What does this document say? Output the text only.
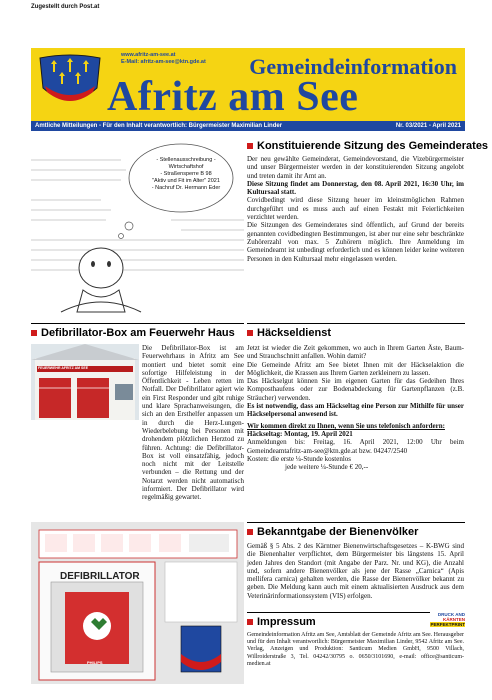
Zugestellt durch Post.at
www.afritz-am-see.at
E-Mail: afritz-am-see@ktn.gde.at Gemeindeinformation
Afritz am See
Amtliche Mitteilungen - Für den Inhalt verantwortlich: Bürgermeister Maximilian Linder	Nr. 03/2021 - April 2021
- Stellenausschreibung -
Wirtschaftshof
- Straßensperre B 98
"Aktiv und Fit im Alter" 2021
- Nachruf Dr. Hermann Eder
Konstituierende Sitzung des Gemeinderates

Der neu gewählte Gemeinderat, Gemeindevorstand, die Vizebürgermeister und unser Bürgermeister werden in der konstituierenden Sitzung angelobt und treten damit ihr Amt an.

Diese Sitzung findet am Donnerstag, den 08. April 2021, 16:30 Uhr, im Kultursaal statt.

Covidbedingt wird diese Sitzung heuer im kleinstmöglichen Rahmen durchgeführt und es muss auch auf einen Festakt mit Feierlichkeiten verzichtet werden.

Die Sitzungen des Gemeinderates sind öffentlich, auf Grund der bereits genannten covidbedingten Bestimmungen, ist aber nur eine sehr beschränkte Zuhörerzahl von max. 5 Zuhörern möglich. Ihre Anmeldung im Gemeindeamt ist unbedingt erforderlich und es können leider keine weiteren Personen in den Kultursaal mehr eingelassen werden.

Defibrillator-Box am Feuerwehr Haus
FEUERWEHR AFRITZ AM SEE

Die Defibrillator-Box ist am Feuerwehrhaus in Afritz am See montiert und bietet somit eine sofortige Hilfeleistung in der Öffentlichkeit - Leben retten im Notfall. Der Defibrillator agiert wie ein First Responder und gibt ruhige und klare Sprachanweisungen, die sich an den Ersthelfer anpassen um in durch die Herz-Lungen-Wiederbelebung bei Personen mit drohendem plötzlichen Herztod zu führen. Achtung: die Defibrillator-Box ist voll einsatzfähig, jedoch noch nicht mit der Leitstelle verbunden – die Rettung und der Notarzt werden nicht automatisch informiert. Der Defibrillator wird regelmäßig gewartet.

DEFIBRILLATOR
PHILIPS
Häckseldienst

Jetzt ist wieder die Zeit gekommen, wo auch in Ihrem Garten Äste, Baum- und Strauchschnitt anfallen. Wohin damit?

Die Gemeinde Afritz am See bietet Ihnen mit der Häckselaktion die Möglichkeit, die Krassen aus Ihrem Garten zerkleinern zu lassen.

Das Häckselgut können Sie im eigenen Garten für das Gedeihen Ihres Komposthaufens oder zur Bodenabdeckung für Gartenpflanzen (z.B. Sträucher) verwenden.

Es ist notwendig, dass am Häckseltag eine Person zur Mithilfe für unser Häckselpersonal anwesend ist.

Wir kommen direkt zu Ihnen, wenn Sie uns telefonisch anfordern:

Häckseltag: Montag, 19. April 2021

Anmeldungen bis: Freitag, 16. April 2021, 12:00 Uhr beim Gemeindeamtafritz-am-see@ktn.gde.at bzw. 04247/2540

Kosten: die erste ¼-Stunde kostenlos

jede weitere ¼-Stunde € 20,--

Bekanntgabe der Bienenvölker

Gemäß § 5 Abs. 2 des Kärntner Bienenwirtschaftsgesetzes – K-BWG sind die Bienenhalter verpflichtet, dem Bürgermeister bis längstens 15. April jeden Jahres den Standort (mit Angabe der Parz. Nr. und KG), die Anzahl und, sofern andere Bienenvölker als jene der Rasse „Carnica“ (Apis mellifera carnica) gehalten werden, die Rasse der Bienenvölker bekannt zu geben. Die Meldung kann auch mit einem aktualisierten Ausdruck aus dem Veterinärinformationssystem (VIS) erfolgen.

Impressum
Gemeindeinformation Afritz am See, Amtsblatt der Gemeinde Afritz am See. Herausgeber und für den Inhalt verantwortlich: Bürgermeister Maximilian Linder, 9542 Afritz am See. Verlag, Anzeigen und Produktion: Santicum Medien GmbH, 9500 Villach, Willroiderstraße 3, Tel. 04242/30795 o. 0650/3101690, e-mail: office@santicum-medien.at
DRUCK AND
KÄRNTEN
PERFEKTPRINT
